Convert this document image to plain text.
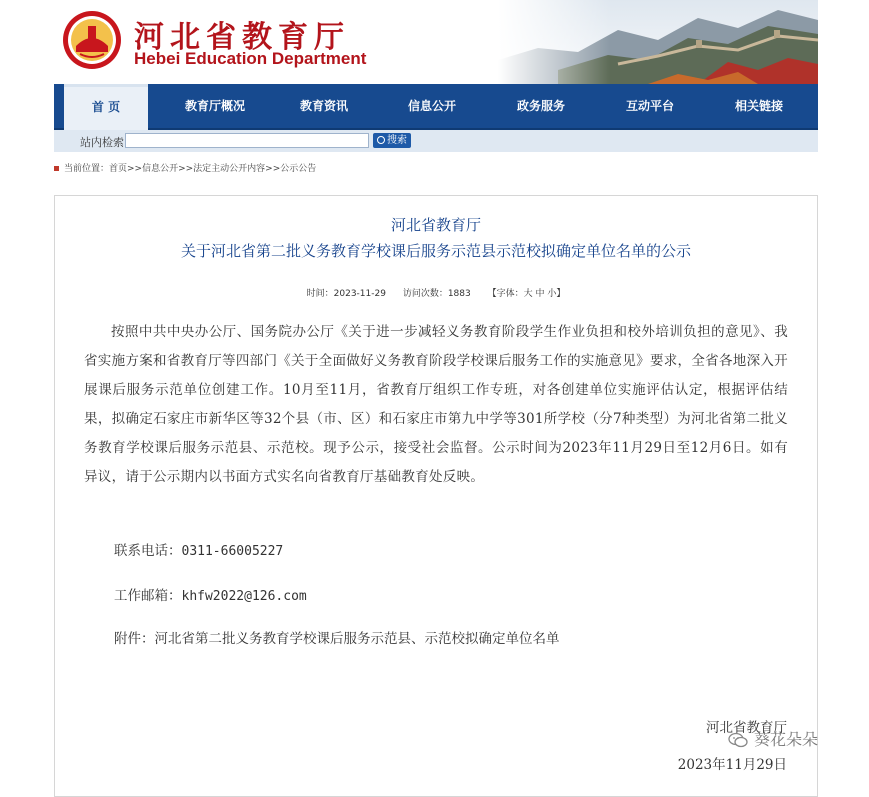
河北省教育厅
Hebei Education Department
首 页	教育厅概况	教育资讯	信息公开	政务服务	互动平台	相关链接
站内检索	搜索
当前位置：首页>>信息公开>>法定主动公开内容>>公示公告
河北省教育厅
关于河北省第二批义务教育学校课后服务示范县示范校拟确定单位名单的公示
时间：2023-11-29 访问次数：1883 【字体：大 中 小】
按照中共中央办公厅、国务院办公厅《关于进一步减轻义务教育阶段学生作业负担和校外培训负担的意见》、我省实施方案和省教育厅等四部门《关于全面做好义务教育阶段学校课后服务工作的实施意见》要求，全省各地深入开展课后服务示范单位创建工作。10月至11月，省教育厅组织工作专班，对各创建单位实施评估认定，根据评估结果，拟确定石家庄市新华区等32个县（市、区）和石家庄市第九中学等301所学校（分7种类型）为河北省第二批义务教育学校课后服务示范县、示范校。现予公示，接受社会监督。公示时间为2023年11月29日至12月6日。如有异议，请于公示期内以书面方式实名向省教育厅基础教育处反映。
联系电话：0311-66005227
工作邮箱：khfw2022@126.com
附件：河北省第二批义务教育学校课后服务示范县、示范校拟确定单位名单
河北省教育厅
2023年11月29日
葵花朵朵
